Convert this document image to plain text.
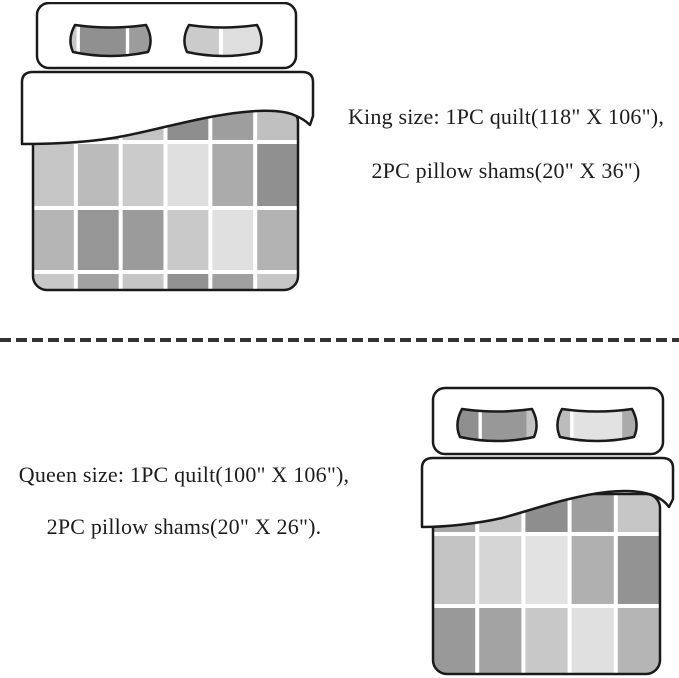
King size: 1PC quilt(118" X 106"),
2PC pillow shams(20" X 36")
Queen size: 1PC quilt(100" X 106"),
2PC pillow shams(20" X 26").
